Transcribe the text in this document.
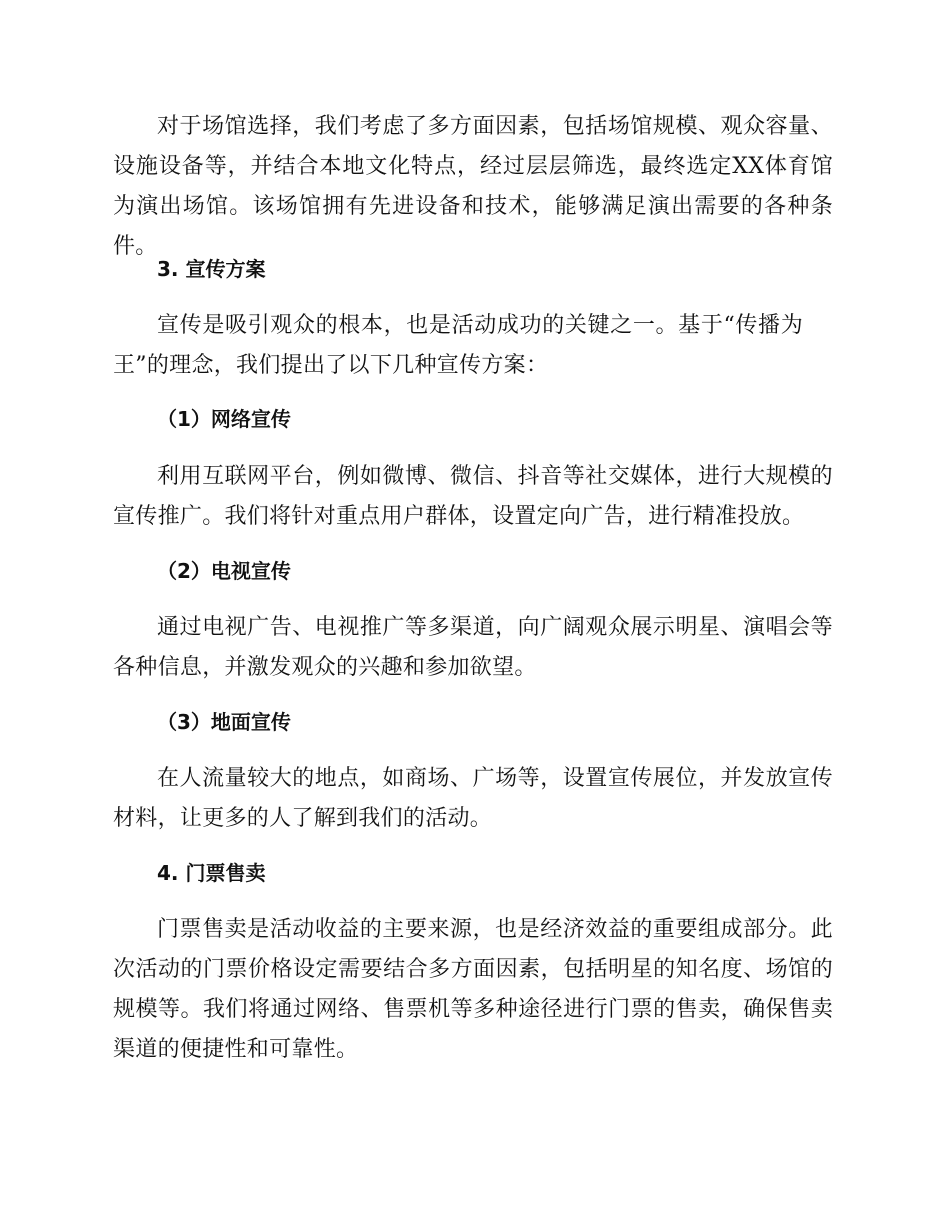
对于场馆选择，我们考虑了多方面因素，包括场馆规模、观众容量、设施设备等，并结合本地文化特点，经过层层筛选，最终选定XX体育馆为演出场馆。该场馆拥有先进设备和技术，能够满足演出需要的各种条件。

3. 宣传方案

宣传是吸引观众的根本，也是活动成功的关键之一。基于“传播为王”的理念，我们提出了以下几种宣传方案：

（1）网络宣传

利用互联网平台，例如微博、微信、抖音等社交媒体，进行大规模的宣传推广。我们将针对重点用户群体，设置定向广告，进行精准投放。

（2）电视宣传

通过电视广告、电视推广等多渠道，向广阔观众展示明星、演唱会等各种信息，并激发观众的兴趣和参加欲望。

（3）地面宣传

在人流量较大的地点，如商场、广场等，设置宣传展位，并发放宣传材料，让更多的人了解到我们的活动。

4. 门票售卖

门票售卖是活动收益的主要来源，也是经济效益的重要组成部分。此次活动的门票价格设定需要结合多方面因素，包括明星的知名度、场馆的规模等。我们将通过网络、售票机等多种途径进行门票的售卖，确保售卖渠道的便捷性和可靠性。
